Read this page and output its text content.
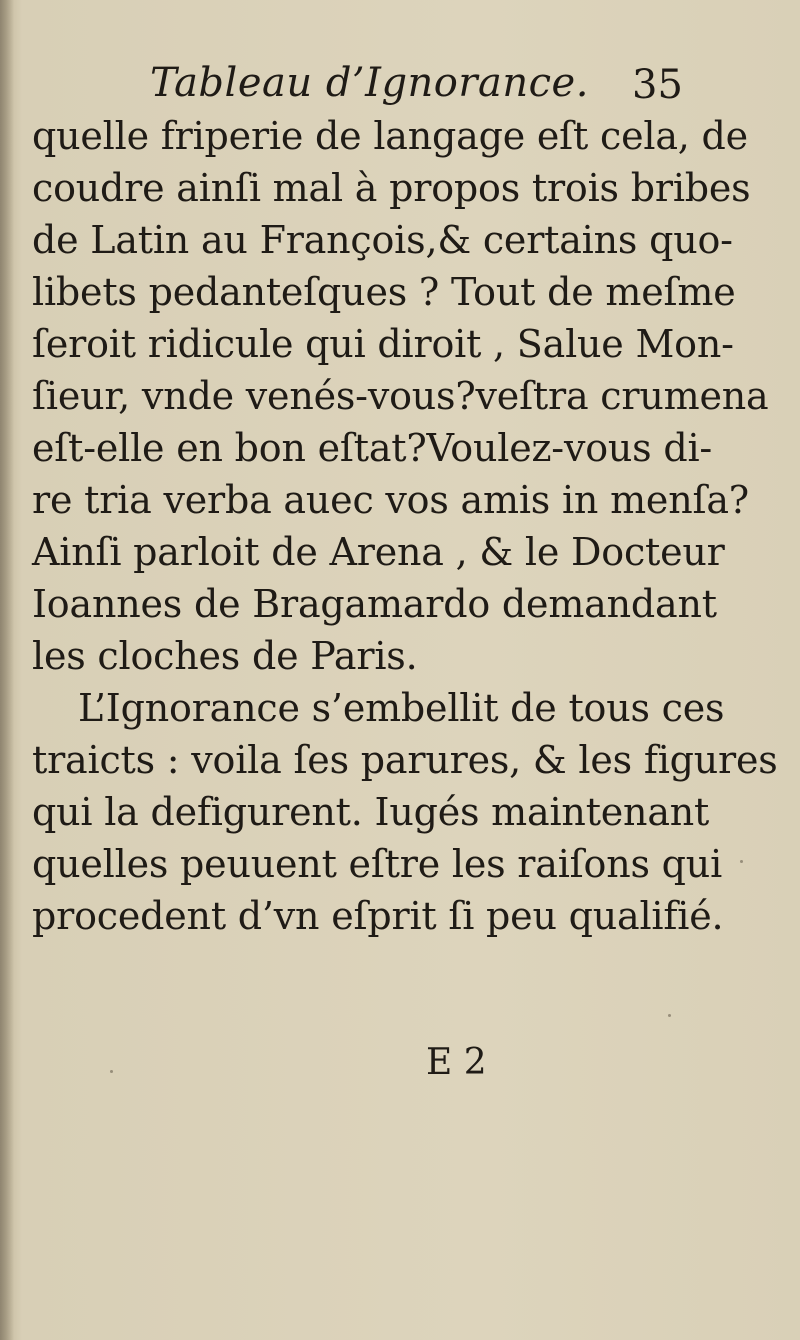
Tableau d’Ignorance. 35
quelle friperie de langage eſt cela, de
coudre ainſi mal à propos trois bribes
de Latin au François,& certains quo-
libets pedanteſques ? Tout de meſme
ſeroit ridicule qui diroit , Salue Mon-
ſieur, vnde venés-vous?veſtra crumena
eſt-elle en bon eſtat?Voulez-vous di-
re tria verba auec vos amis in menſa?
Ainſi parloit de Arena , & le Docteur
Ioannes de Bragamardo demandant
les cloches de Paris.
L’Ignorance s’embellit de tous ces
traicts : voila ſes parures, & les figures
qui la defigurent. Iugés maintenant
quelles peuuent eſtre les raiſons qui
procedent d’vn eſprit ſi peu qualifié.
E 2
